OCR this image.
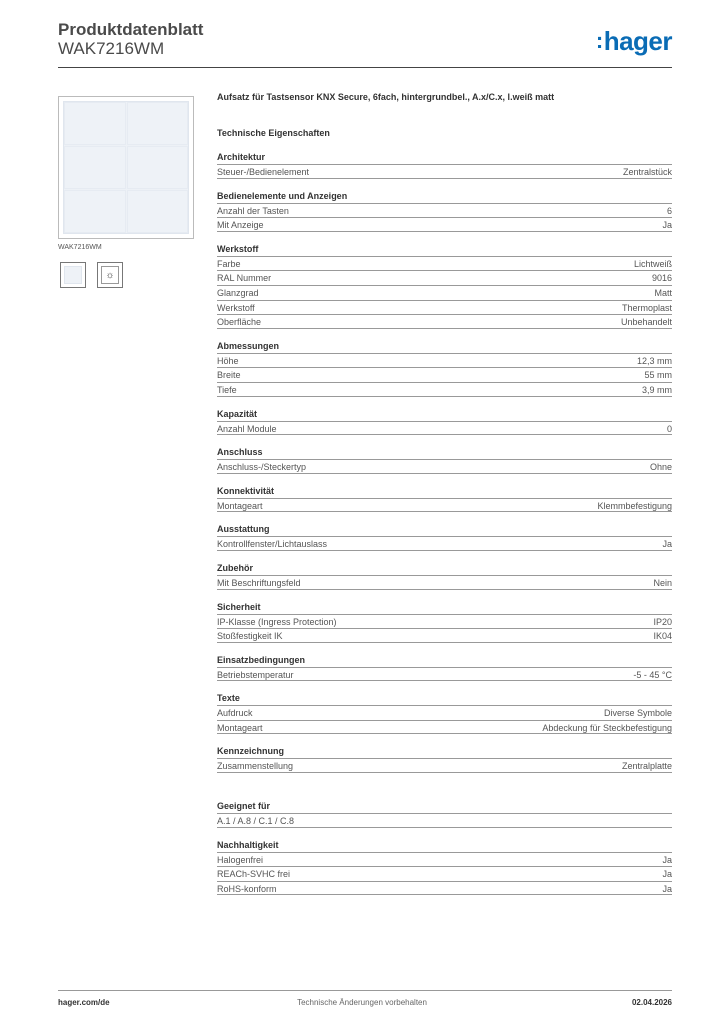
Produktdatenblatt
WAK7216WM	:hager
WAK7216WM
☼
Aufsatz für Tastsensor KNX Secure, 6fach, hintergrundbel., A.x/C.x, l.weiß matt
Technische Eigenschaften
Architektur
Steuer-/Bedienelement	Zentralstück
Bedienelemente und Anzeigen
Anzahl der Tasten	6
Mit Anzeige	Ja
Werkstoff
Farbe	Lichtweiß
RAL Nummer	9016
Glanzgrad	Matt
Werkstoff	Thermoplast
Oberfläche	Unbehandelt
Abmessungen
Höhe	12,3 mm
Breite	55 mm
Tiefe	3,9 mm
Kapazität
Anzahl Module	0
Anschluss
Anschluss-/Steckertyp	Ohne
Konnektivität
Montageart	Klemmbefestigung
Ausstattung
Kontrollfenster/Lichtauslass	Ja
Zubehör
Mit Beschriftungsfeld	Nein
Sicherheit
IP-Klasse (Ingress Protection)	IP20
Stoßfestigkeit IK	IK04
Einsatzbedingungen
Betriebstemperatur	-5 - 45 °C
Texte
Aufdruck	Diverse Symbole
Montageart	Abdeckung für Steckbefestigung
Kennzeichnung
Zusammenstellung	Zentralplatte
Geeignet für
A.1 / A.8 / C.1 / C.8
Nachhaltigkeit
Halogenfrei	Ja
REACh-SVHC frei	Ja
RoHS-konform	Ja
hager.com/de	Technische Änderungen vorbehalten	02.04.2026
